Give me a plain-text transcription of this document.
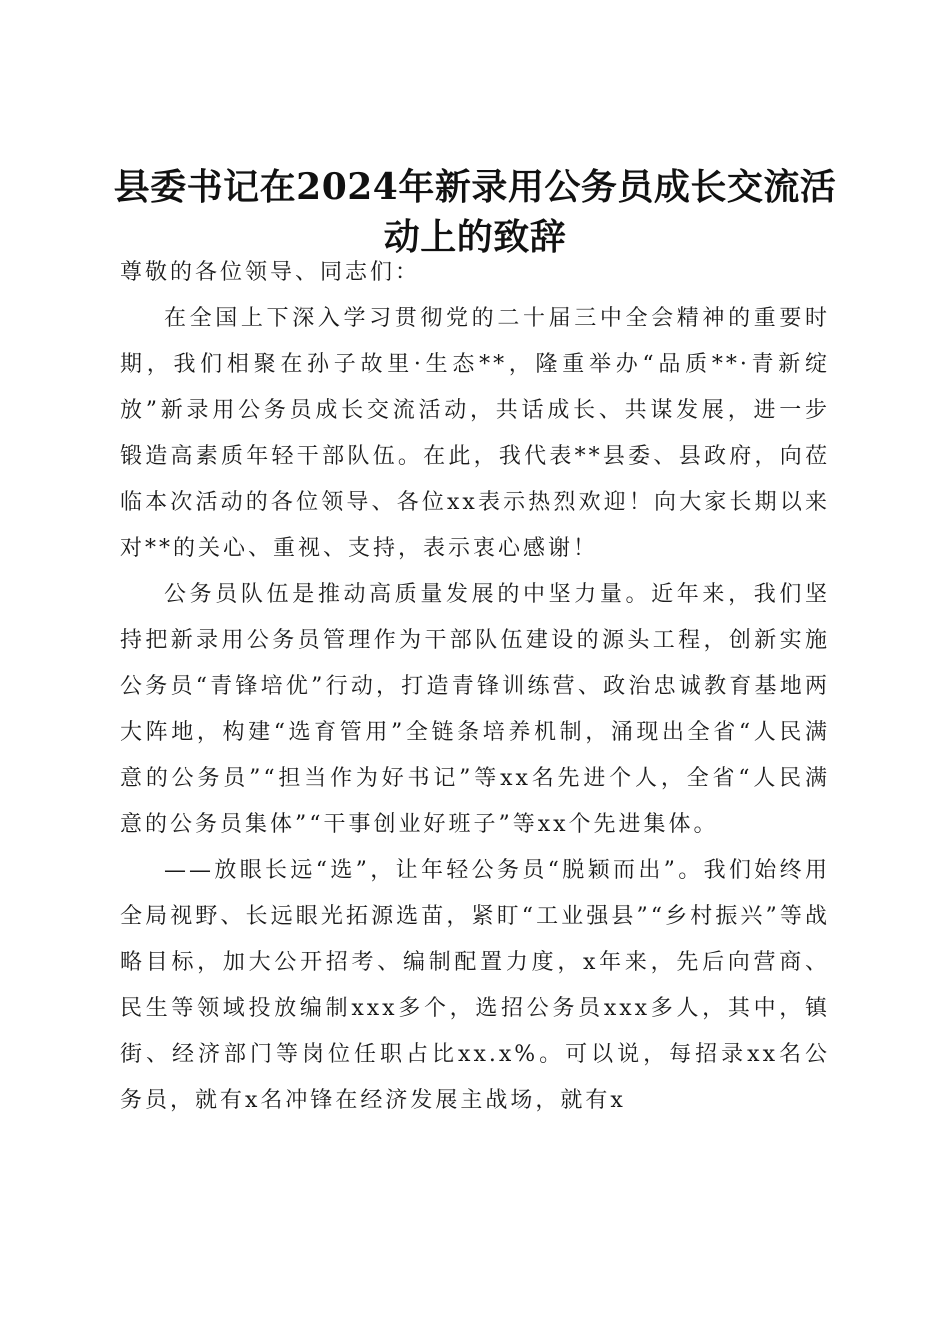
县委书记在2024年新录用公务员成长交流活
动上的致辞

尊敬的各位领导、同志们：

在全国上下深入学习贯彻党的二十届三中全会精神的重要时期，我们相聚在孙子故里·生态**，隆重举办“品质**·青新绽放”新录用公务员成长交流活动，共话成长、共谋发展，进一步锻造高素质年轻干部队伍。在此，我代表**县委、县政府，向莅临本次活动的各位领导、各位xx表示热烈欢迎！向大家长期以来对**的关心、重视、支持，表示衷心感谢！

公务员队伍是推动高质量发展的中坚力量。近年来，我们坚持把新录用公务员管理作为干部队伍建设的源头工程，创新实施公务员“青锋培优”行动，打造青锋训练营、政治忠诚教育基地两大阵地，构建“选育管用”全链条培养机制，涌现出全省“人民满意的公务员”“担当作为好书记”等xx名先进个人，全省“人民满意的公务员集体”“干事创业好班子”等xx个先进集体。

——放眼长远“选”，让年轻公务员“脱颖而出”。我们始终用全局视野、长远眼光拓源选苗，紧盯“工业强县”“乡村振兴”等战略目标，加大公开招考、编制配置力度，x年来，先后向营商、民生等领域投放编制xxx多个，选招公务员xxx多人，其中，镇街、经济部门等岗位任职占比xx.x%。可以说，每招录xx名公务员，就有x名冲锋在经济发展主战场，就有x
